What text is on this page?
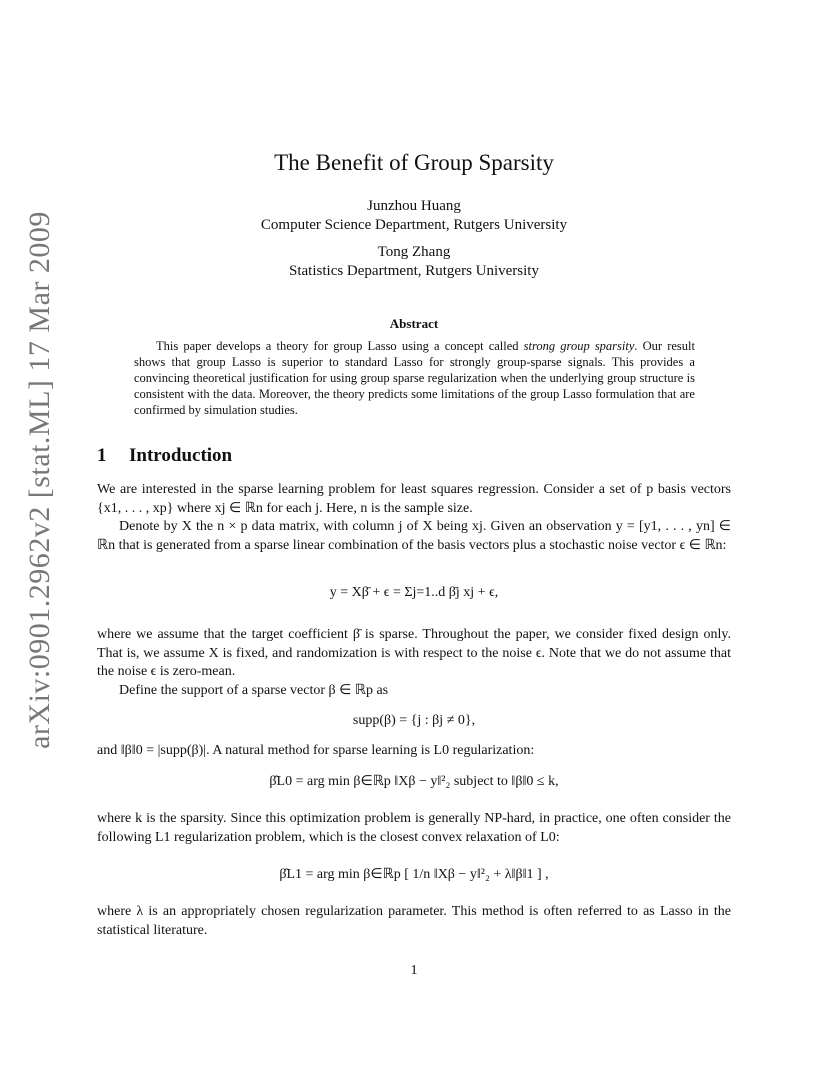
arXiv:0901.2962v2 [stat.ML] 17 Mar 2009
The Benefit of Group Sparsity
Junzhou Huang
Computer Science Department, Rutgers University
Tong Zhang
Statistics Department, Rutgers University
Abstract
This paper develops a theory for group Lasso using a concept called strong group sparsity. Our result shows that group Lasso is superior to standard Lasso for strongly group-sparse signals. This provides a convincing theoretical justification for using group sparse regularization when the underlying group structure is consistent with the data. Moreover, the theory predicts some limitations of the group Lasso formulation that are confirmed by simulation studies.
1 Introduction
We are interested in the sparse learning problem for least squares regression. Consider a set of p basis vectors {x1, . . . , xp} where xj ∈ ℝn for each j. Here, n is the sample size.
Denote by X the n × p data matrix, with column j of X being xj. Given an observation y = [y1, . . . , yn] ∈ ℝn that is generated from a sparse linear combination of the basis vectors plus a stochastic noise vector ϵ ∈ ℝn:
y = Xβ̄ + ϵ = Σj=1..d β̄j xj + ϵ,
where we assume that the target coefficient β̄ is sparse. Throughout the paper, we consider fixed design only. That is, we assume X is fixed, and randomization is with respect to the noise ϵ. Note that we do not assume that the noise ϵ is zero-mean.
Define the support of a sparse vector β ∈ ℝp as
supp(β) = {j : βj ≠ 0},
and ‖β‖0 = |supp(β)|. A natural method for sparse learning is L0 regularization:
β̂L0 = arg min β∈ℝp ‖Xβ − y‖²₂ subject to ‖β‖0 ≤ k,
where k is the sparsity. Since this optimization problem is generally NP-hard, in practice, one often consider the following L1 regularization problem, which is the closest convex relaxation of L0:
β̂L1 = arg min β∈ℝp [ 1/n ‖Xβ − y‖²₂ + λ‖β‖1 ] ,
where λ is an appropriately chosen regularization parameter. This method is often referred to as Lasso in the statistical literature.
1
